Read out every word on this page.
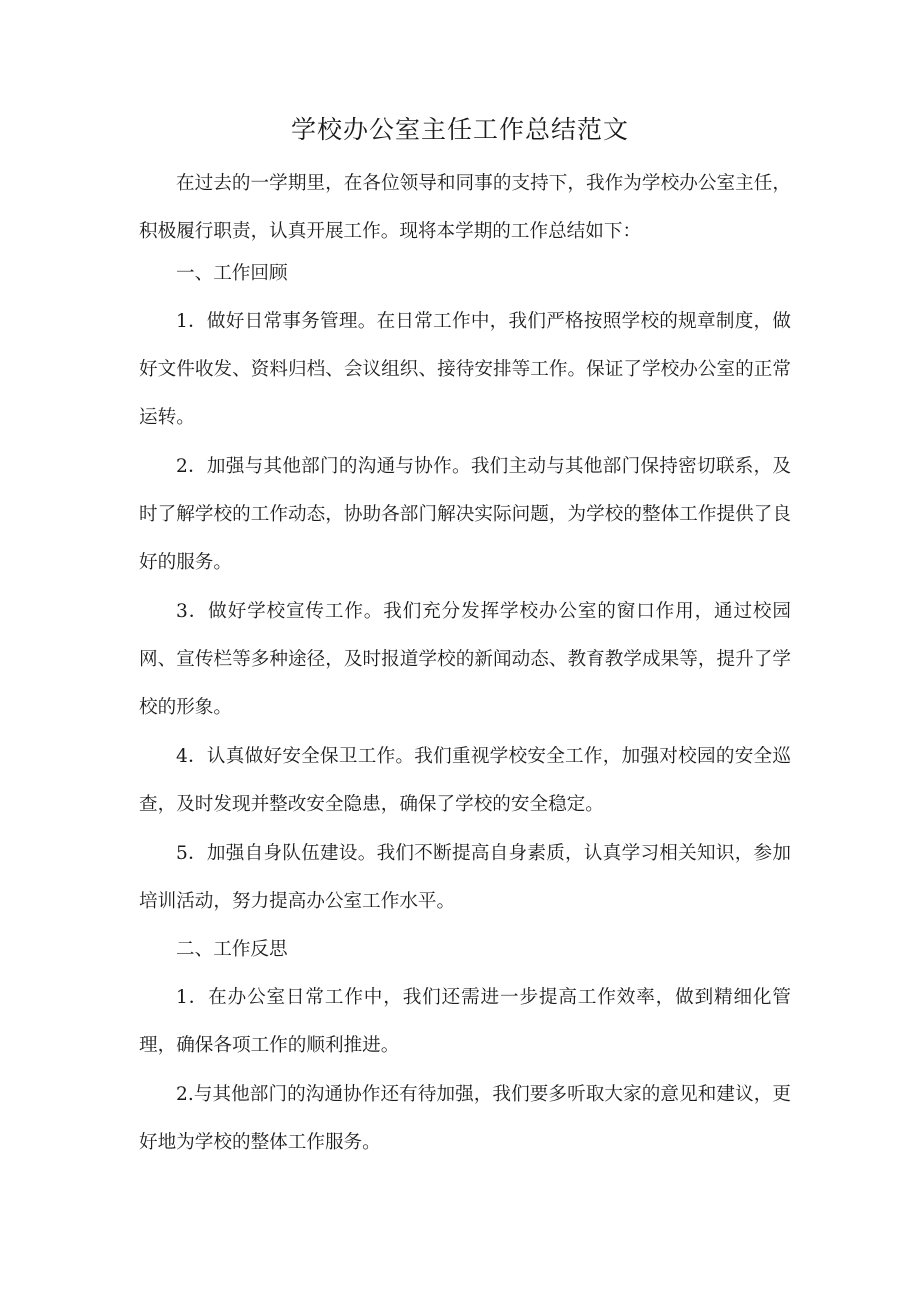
学校办公室主任工作总结范文

在过去的一学期里，在各位领导和同事的支持下，我作为学校办公室主任，积极履行职责，认真开展工作。现将本学期的工作总结如下：

一、工作回顾

1．做好日常事务管理。在日常工作中，我们严格按照学校的规章制度，做好文件收发、资料归档、会议组织、接待安排等工作。保证了学校办公室的正常运转。

2．加强与其他部门的沟通与协作。我们主动与其他部门保持密切联系，及时了解学校的工作动态，协助各部门解决实际问题，为学校的整体工作提供了良好的服务。

3．做好学校宣传工作。我们充分发挥学校办公室的窗口作用，通过校园网、宣传栏等多种途径，及时报道学校的新闻动态、教育教学成果等，提升了学校的形象。

4．认真做好安全保卫工作。我们重视学校安全工作，加强对校园的安全巡查，及时发现并整改安全隐患，确保了学校的安全稳定。

5．加强自身队伍建设。我们不断提高自身素质，认真学习相关知识，参加培训活动，努力提高办公室工作水平。

二、工作反思

1．在办公室日常工作中，我们还需进一步提高工作效率，做到精细化管理，确保各项工作的顺利推进。

2.与其他部门的沟通协作还有待加强，我们要多听取大家的意见和建议，更好地为学校的整体工作服务。
